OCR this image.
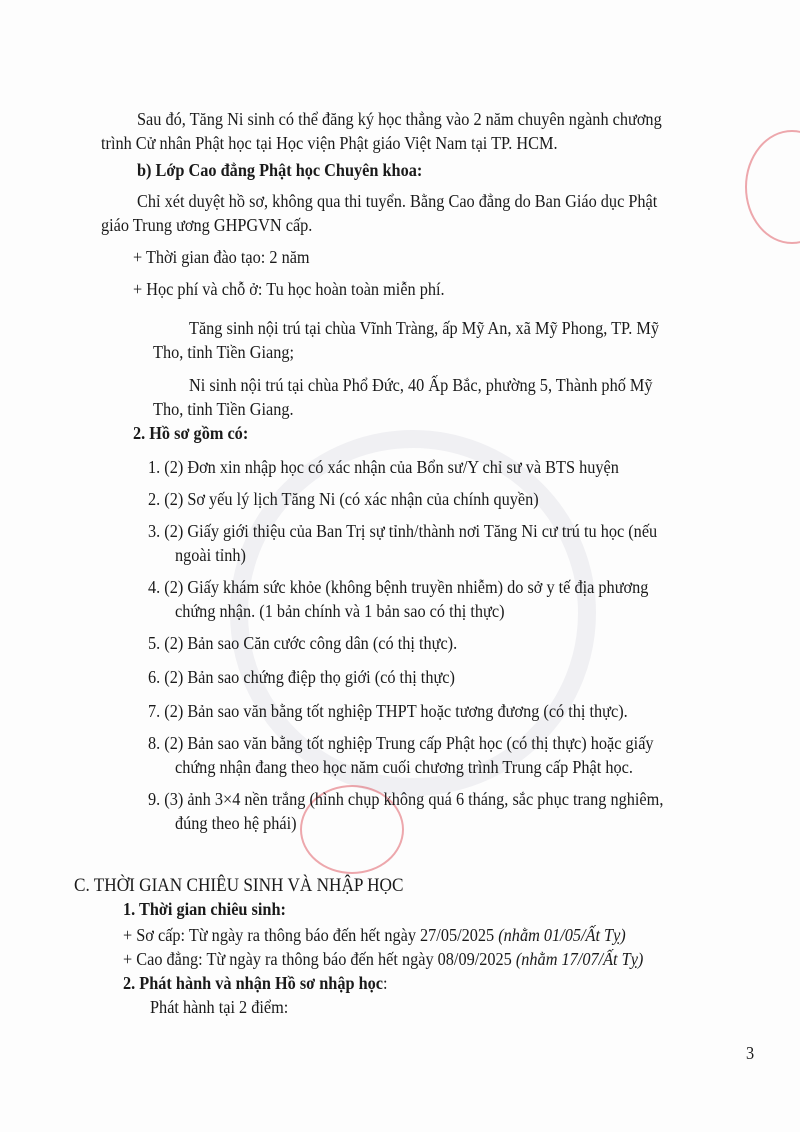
Sau đó, Tăng Ni sinh có thể đăng ký học thẳng vào 2 năm chuyên ngành chương
trình Cử nhân Phật học tại Học viện Phật giáo Việt Nam tại TP. HCM.
b) Lớp Cao đẳng Phật học Chuyên khoa:
Chỉ xét duyệt hồ sơ, không qua thi tuyển. Bằng Cao đẳng do Ban Giáo dục Phật
giáo Trung ương GHPGVN cấp.
+ Thời gian đào tạo: 2 năm
+ Học phí và chỗ ở: Tu học hoàn toàn miễn phí.
Tăng sinh nội trú tại chùa Vĩnh Tràng, ấp Mỹ An, xã Mỹ Phong, TP. Mỹ
Tho, tỉnh Tiền Giang;
Ni sinh nội trú tại chùa Phổ Đức, 40 Ấp Bắc, phường 5, Thành phố Mỹ
Tho, tỉnh Tiền Giang.
2. Hồ sơ gồm có:
1. (2) Đơn xin nhập học có xác nhận của Bổn sư/Y chỉ sư và BTS huyện
2. (2) Sơ yếu lý lịch Tăng Ni (có xác nhận của chính quyền)
3. (2) Giấy giới thiệu của Ban Trị sự tỉnh/thành nơi Tăng Ni cư trú tu học (nếu
ngoài tỉnh)
4. (2) Giấy khám sức khỏe (không bệnh truyền nhiễm) do sở y tế địa phương
chứng nhận. (1 bản chính và 1 bản sao có thị thực)
5. (2) Bản sao Căn cước công dân (có thị thực).
6. (2) Bản sao chứng điệp thọ giới (có thị thực)
7. (2) Bản sao văn bằng tốt nghiệp THPT hoặc tương đương (có thị thực).
8. (2) Bản sao văn bằng tốt nghiệp Trung cấp Phật học (có thị thực) hoặc giấy
chứng nhận đang theo học năm cuối chương trình Trung cấp Phật học.
9. (3) ảnh 3×4 nền trắng (hình chụp không quá 6 tháng, sắc phục trang nghiêm,
đúng theo hệ phái)
C. THỜI GIAN CHIÊU SINH VÀ NHẬP HỌC
1. Thời gian chiêu sinh:
+ Sơ cấp: Từ ngày ra thông báo đến hết ngày 27/05/2025 (nhằm 01/05/Ất Tỵ)
+ Cao đẳng: Từ ngày ra thông báo đến hết ngày 08/09/2025 (nhằm 17/07/Ất Tỵ)
2. Phát hành và nhận Hồ sơ nhập học:
Phát hành tại 2 điểm:
3
